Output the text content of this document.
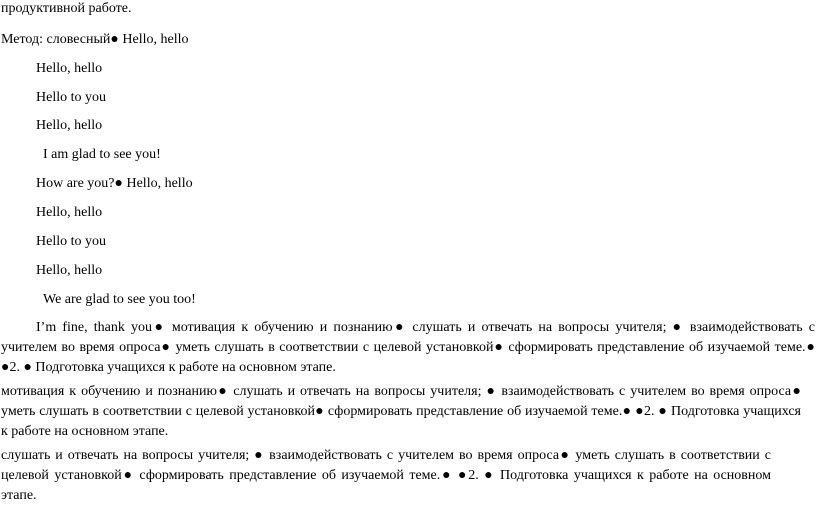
продуктивной работе.
Метод: словесный● Hello, hello
Hello, hello
Hello to you
Hello, hello
I am glad to see you!
How are you?● Hello, hello
Hello, hello
Hello to you
Hello, hello
We are glad to see you too!
I’m fine, thank you● мотивация к обучению и познанию● слушать и отвечать на вопросы учителя; ● взаимодействовать с учителем во время опроса● уметь слушать в соответствии с целевой установкой● сформировать представление об изучаемой теме.● ●2. ● Подготовка учащихся к работе на основном этапе.
мотивация к обучению и познанию● слушать и отвечать на вопросы учителя; ● взаимодействовать с учителем во время опроса● уметь слушать в соответствии с целевой установкой● сформировать представление об изучаемой теме.● ●2. ● Подготовка учащихся к работе на основном этапе.
слушать и отвечать на вопросы учителя; ● взаимодействовать с учителем во время опроса● уметь слушать в соответствии с целевой установкой● сформировать представление об изучаемой теме.● ●2. ● Подготовка учащихся к работе на основном этапе.
